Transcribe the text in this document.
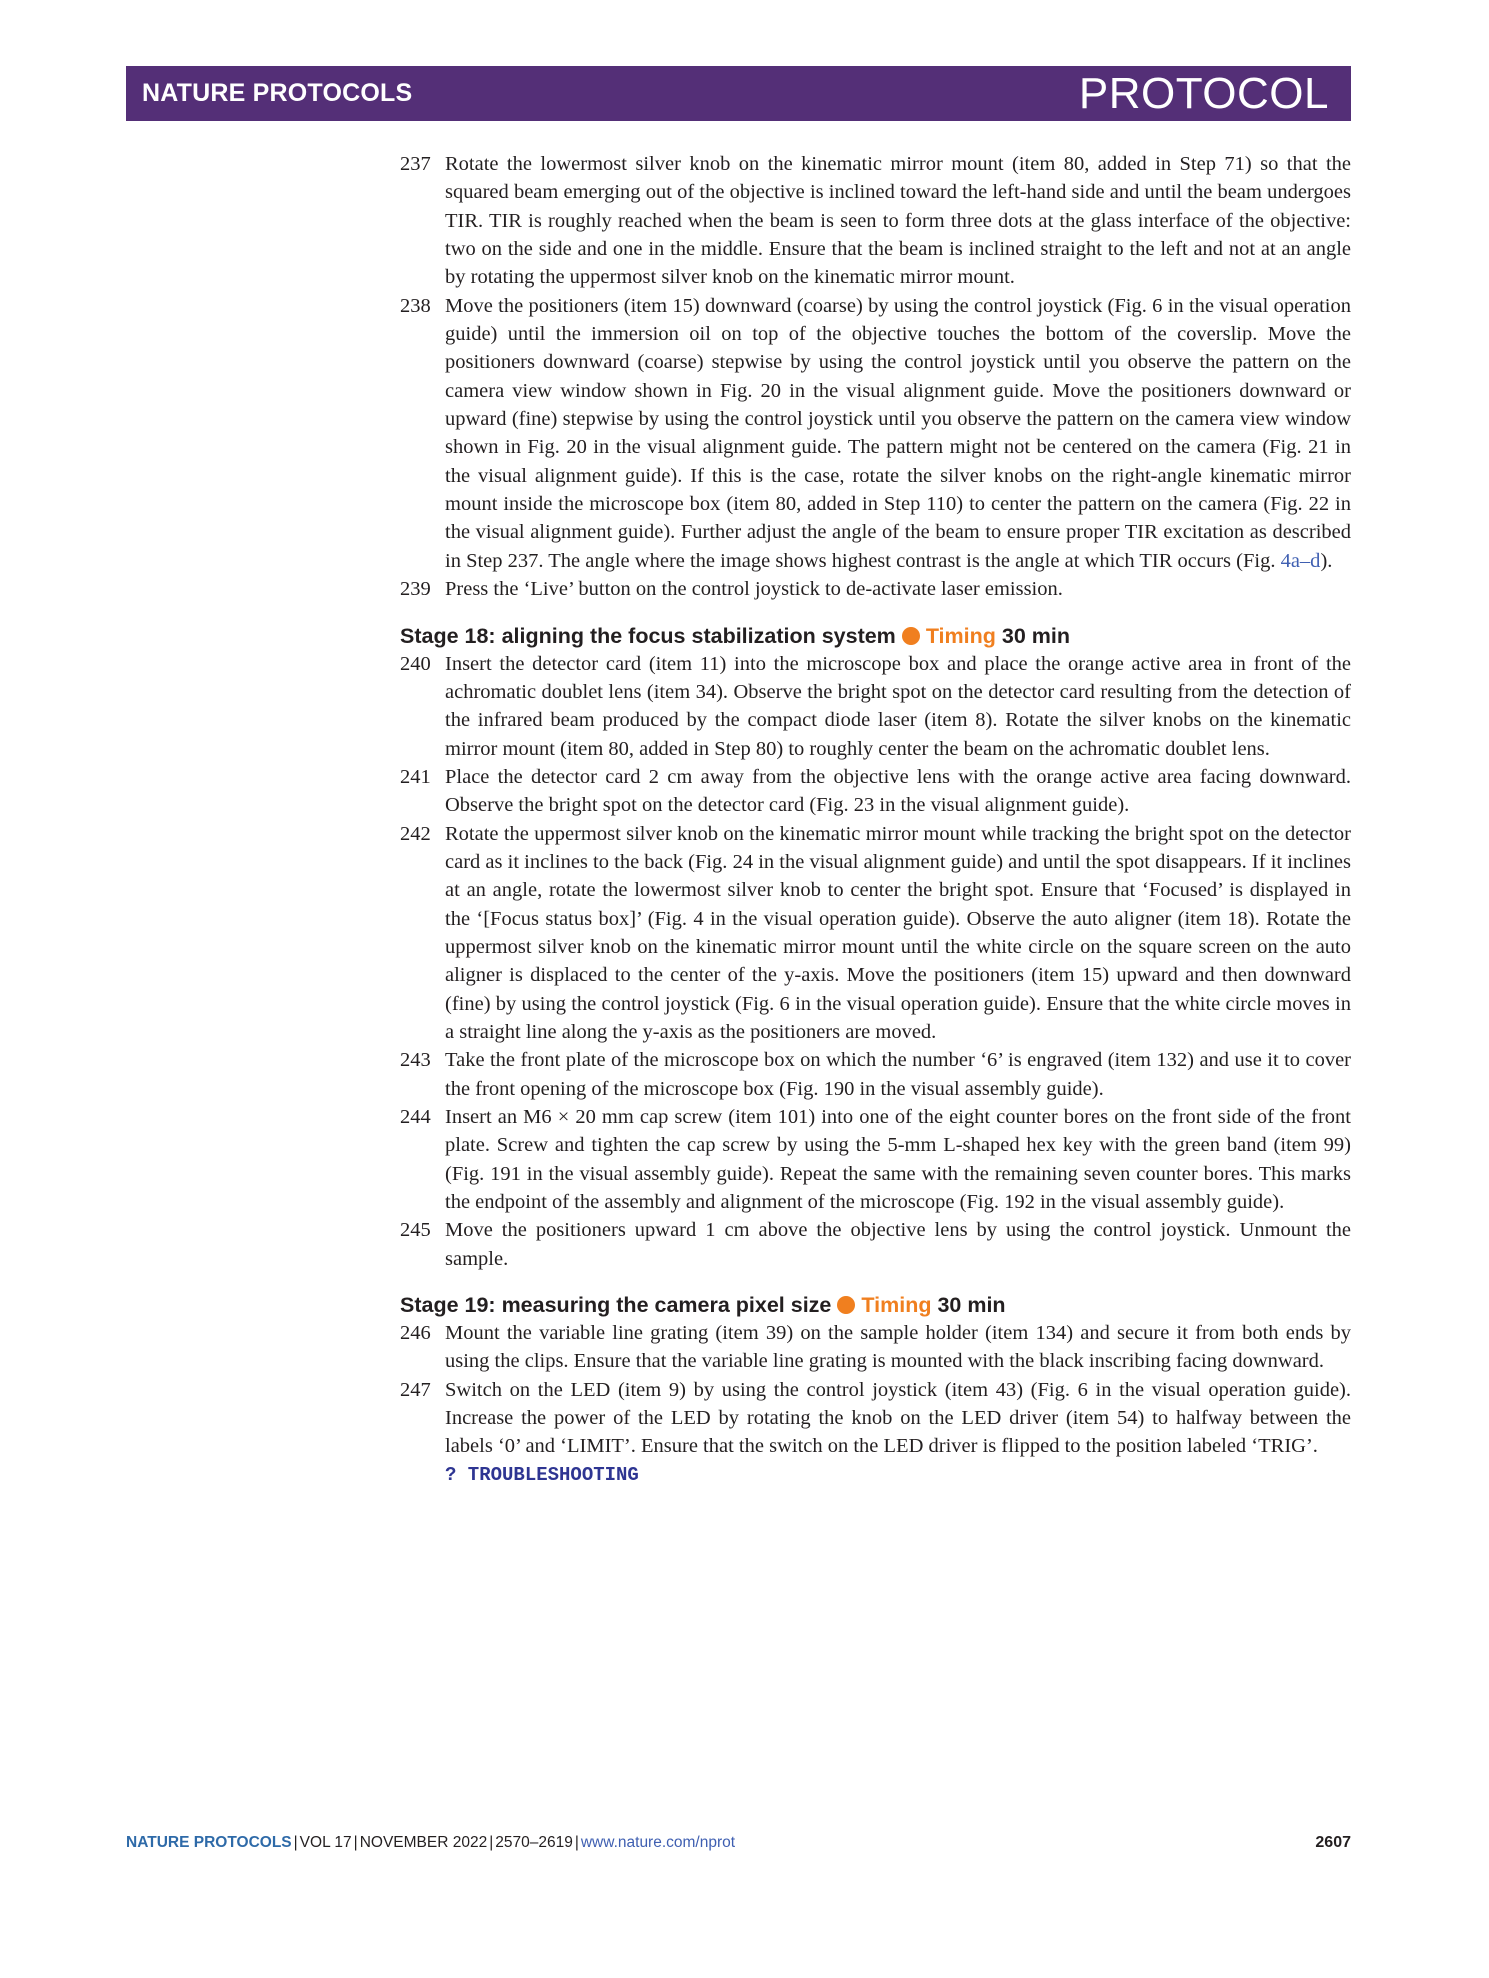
NATURE PROTOCOLS	PROTOCOL
237 Rotate the lowermost silver knob on the kinematic mirror mount (item 80, added in Step 71) so that the squared beam emerging out of the objective is inclined toward the left-hand side and until the beam undergoes TIR. TIR is roughly reached when the beam is seen to form three dots at the glass interface of the objective: two on the side and one in the middle. Ensure that the beam is inclined straight to the left and not at an angle by rotating the uppermost silver knob on the kinematic mirror mount.
238 Move the positioners (item 15) downward (coarse) by using the control joystick (Fig. 6 in the visual operation guide) until the immersion oil on top of the objective touches the bottom of the coverslip. Move the positioners downward (coarse) stepwise by using the control joystick until you observe the pattern on the camera view window shown in Fig. 20 in the visual alignment guide. Move the positioners downward or upward (fine) stepwise by using the control joystick until you observe the pattern on the camera view window shown in Fig. 20 in the visual alignment guide. The pattern might not be centered on the camera (Fig. 21 in the visual alignment guide). If this is the case, rotate the silver knobs on the right-angle kinematic mirror mount inside the microscope box (item 80, added in Step 110) to center the pattern on the camera (Fig. 22 in the visual alignment guide). Further adjust the angle of the beam to ensure proper TIR excitation as described in Step 237. The angle where the image shows highest contrast is the angle at which TIR occurs (Fig. 4a–d).
239 Press the ‘Live’ button on the control joystick to de-activate laser emission.
Stage 18: aligning the focus stabilization system Timing 30 min
240 Insert the detector card (item 11) into the microscope box and place the orange active area in front of the achromatic doublet lens (item 34). Observe the bright spot on the detector card resulting from the detection of the infrared beam produced by the compact diode laser (item 8). Rotate the silver knobs on the kinematic mirror mount (item 80, added in Step 80) to roughly center the beam on the achromatic doublet lens.
241 Place the detector card 2 cm away from the objective lens with the orange active area facing downward. Observe the bright spot on the detector card (Fig. 23 in the visual alignment guide).
242 Rotate the uppermost silver knob on the kinematic mirror mount while tracking the bright spot on the detector card as it inclines to the back (Fig. 24 in the visual alignment guide) and until the spot disappears. If it inclines at an angle, rotate the lowermost silver knob to center the bright spot. Ensure that ‘Focused’ is displayed in the ‘[Focus status box]’ (Fig. 4 in the visual operation guide). Observe the auto aligner (item 18). Rotate the uppermost silver knob on the kinematic mirror mount until the white circle on the square screen on the auto aligner is displaced to the center of the y-axis. Move the positioners (item 15) upward and then downward (fine) by using the control joystick (Fig. 6 in the visual operation guide). Ensure that the white circle moves in a straight line along the y-axis as the positioners are moved.
243 Take the front plate of the microscope box on which the number ‘6’ is engraved (item 132) and use it to cover the front opening of the microscope box (Fig. 190 in the visual assembly guide).
244 Insert an M6 × 20 mm cap screw (item 101) into one of the eight counter bores on the front side of the front plate. Screw and tighten the cap screw by using the 5-mm L-shaped hex key with the green band (item 99) (Fig. 191 in the visual assembly guide). Repeat the same with the remaining seven counter bores. This marks the endpoint of the assembly and alignment of the microscope (Fig. 192 in the visual assembly guide).
245 Move the positioners upward 1 cm above the objective lens by using the control joystick. Unmount the sample.
Stage 19: measuring the camera pixel size Timing 30 min
246 Mount the variable line grating (item 39) on the sample holder (item 134) and secure it from both ends by using the clips. Ensure that the variable line grating is mounted with the black inscribing facing downward.
247 Switch on the LED (item 9) by using the control joystick (item 43) (Fig. 6 in the visual operation guide). Increase the power of the LED by rotating the knob on the LED driver (item 54) to halfway between the labels ‘0’ and ‘LIMIT’. Ensure that the switch on the LED driver is flipped to the position labeled ‘TRIG’.
? TROUBLESHOOTING
NATURE PROTOCOLS | VOL 17 | NOVEMBER 2022 | 2570–2619 | www.nature.com/nprot	2607
